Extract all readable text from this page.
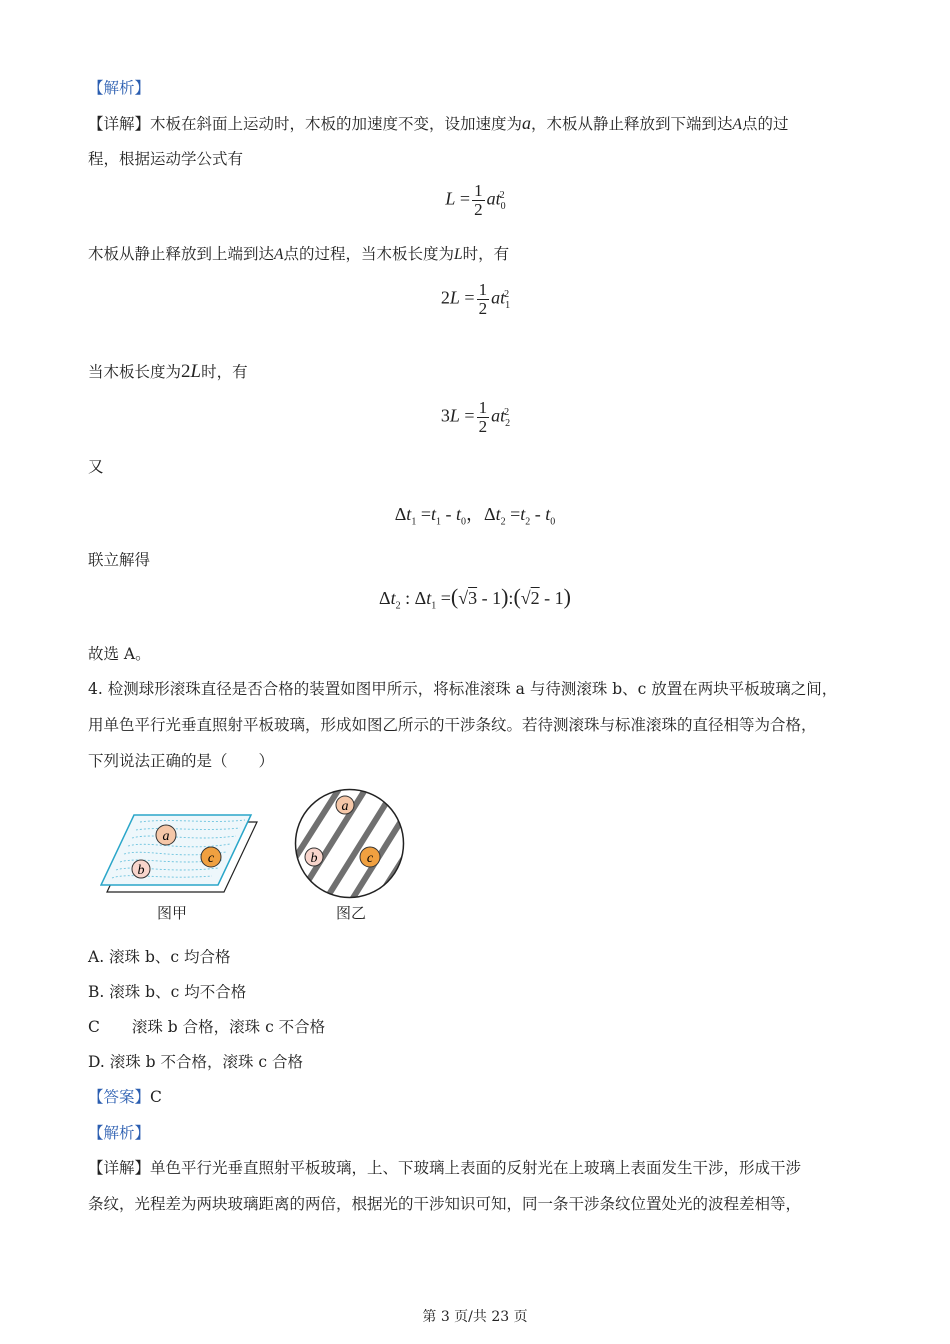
【解析】
【详解】木板在斜面上运动时，木板的加速度不变，设加速度为a，木板从静止释放到下端到达A点的过
程，根据运动学公式有
$L = \frac{1}{2} at_0^2$
木板从静止释放到上端到达A点的过程，当木板长度为L时，有
$2L = \frac{1}{2} at_1^2$
当木板长度为2L时，有
$3L = \frac{1}{2} at_2^2$
又
$\Delta t_1 =t_1 - t_0$，$\Delta t_2 =t_2 - t_0$
联立解得
$\Delta t_2$ : $\Delta t_1 =(√3$ - 1):(√2 - 1)
故选 A。
4. 检测球形滚珠直径是否合格的装置如图甲所示，将标准滚珠 a 与待测滚珠 b、c 放置在两块平板玻璃之间，
用单色平行光垂直照射平板玻璃，形成如图乙所示的干涉条纹。若待测滚珠与标准滚珠的直径相等为合格，
下列说法正确的是（　　）
a
b
c
图甲
a
b	c
图乙
A. 滚珠 b、c 均合格
B. 滚珠 b、c 均不合格
C 滚珠 b 合格，滚珠 c 不合格
D. 滚珠 b 不合格，滚珠 c 合格
【答案】C
【解析】
【详解】单色平行光垂直照射平板玻璃，上、下玻璃上表面的反射光在上玻璃上表面发生干涉，形成干涉
条纹，光程差为两块玻璃距离的两倍，根据光的干涉知识可知，同一条干涉条纹位置处光的波程差相等，
第 3 页/共 23 页
